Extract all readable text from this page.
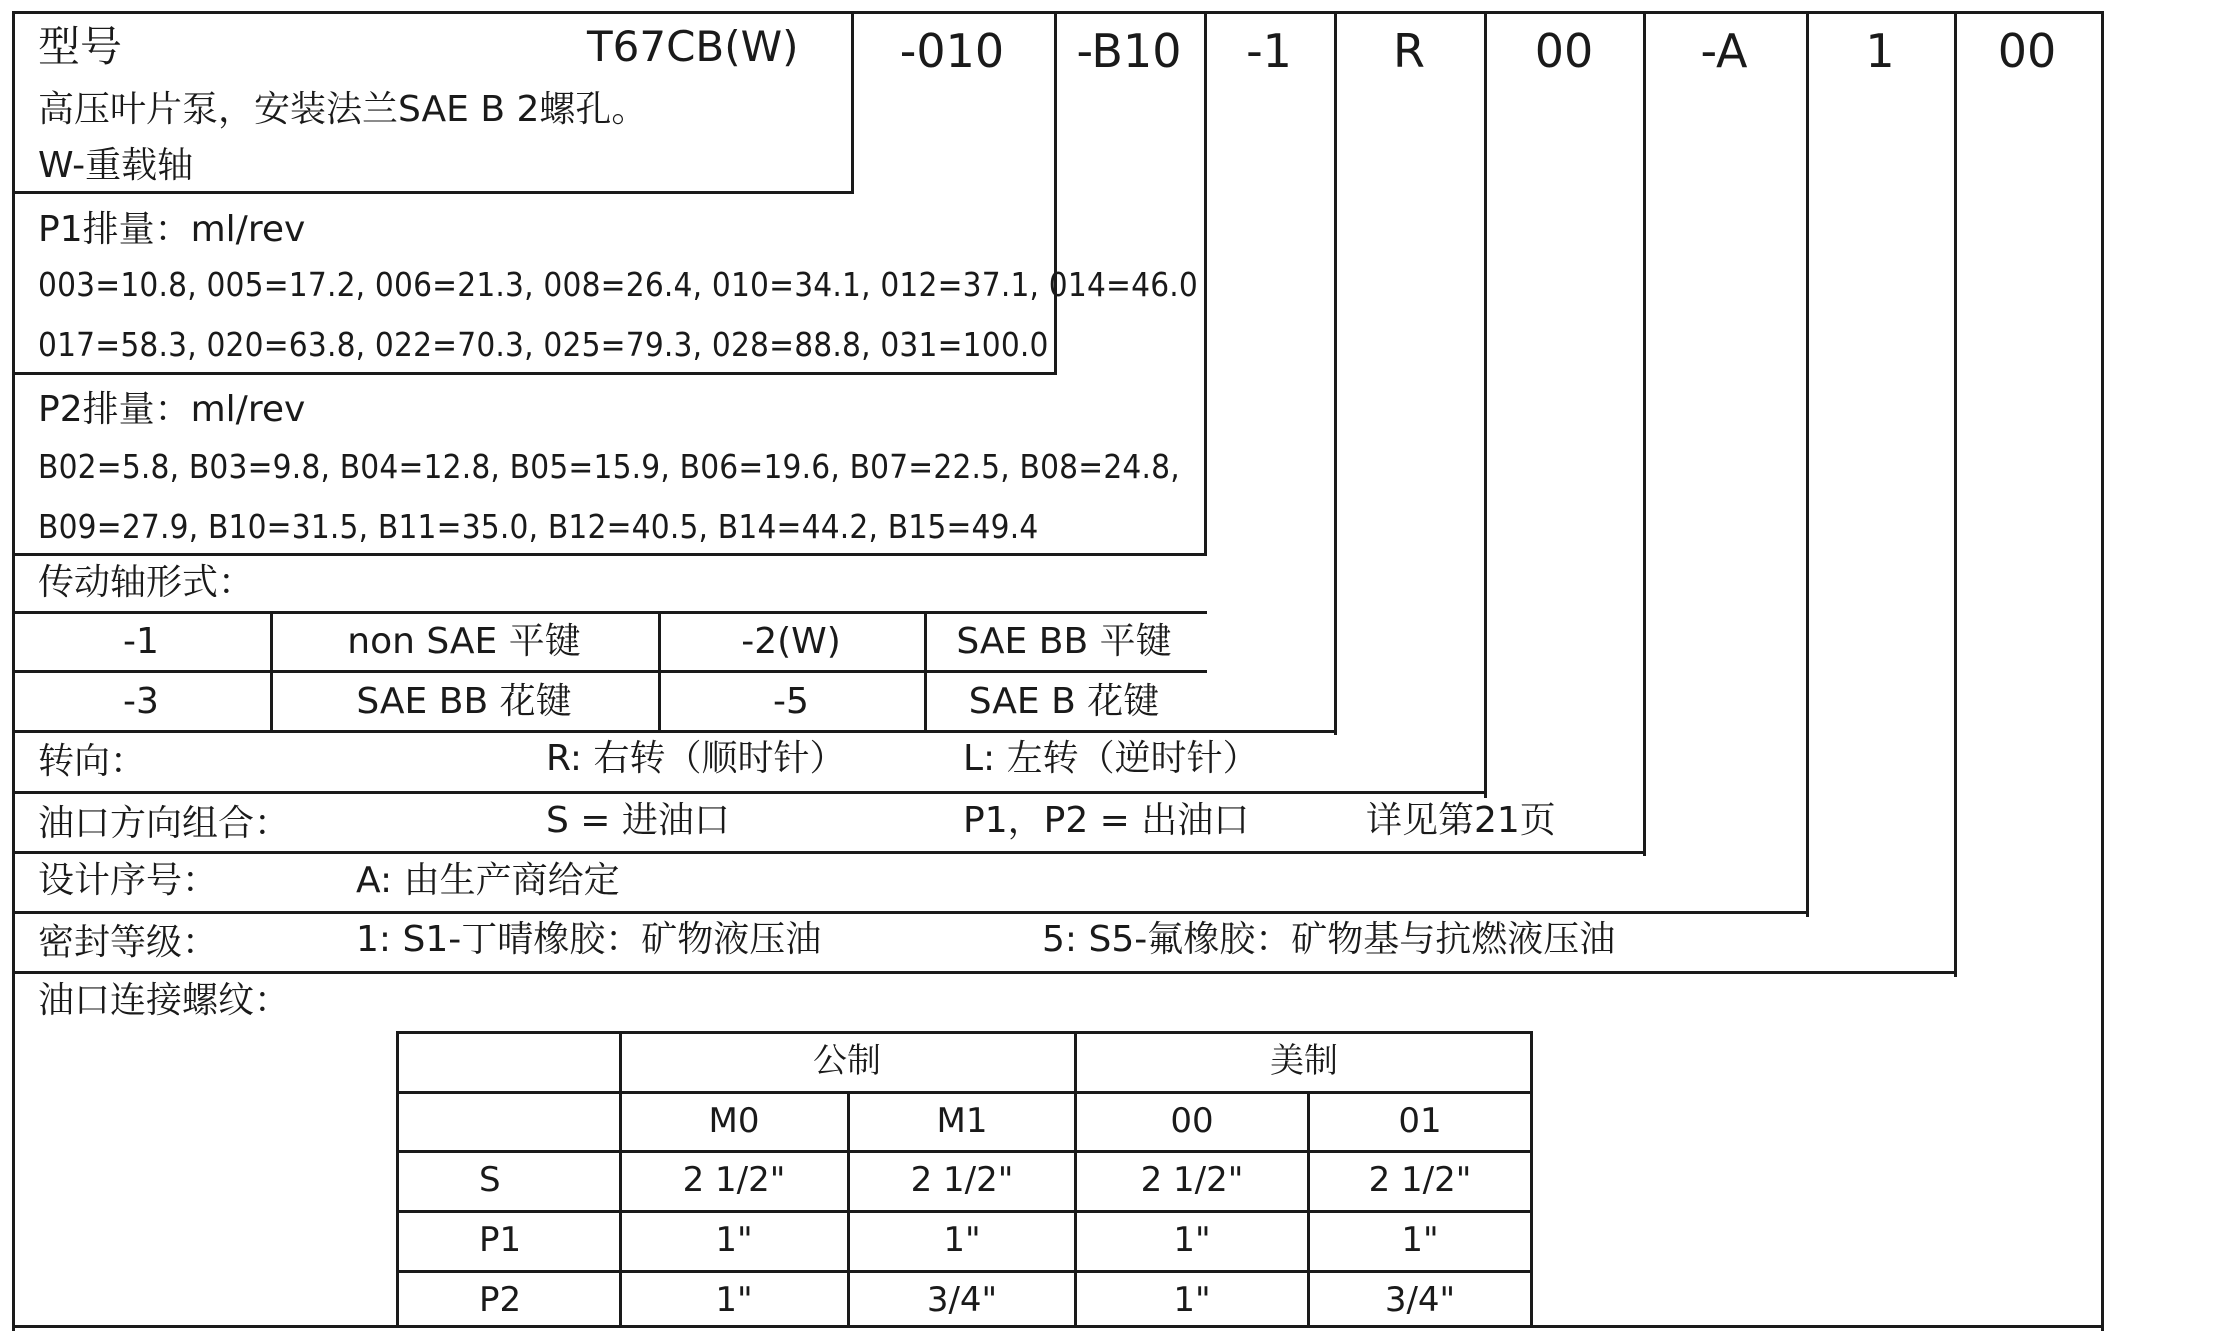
型号	T67CB(W)
高压叶片泵，安装法兰SAE B 2螺孔。
W-重载轴
-010 -B10 -1 R 00 -A	1 00
P1排量：ml/rev
003=10.8, 005=17.2, 006=21.3, 008=26.4, 010=34.1, 012=37.1, 014=46.0
017=58.3, 020=63.8, 022=70.3, 025=79.3, 028=88.8, 031=100.0
P2排量：ml/rev
B02=5.8, B03=9.8, B04=12.8, B05=15.9, B06=19.6, B07=22.5, B08=24.8,
B09=27.9, B10=31.5, B11=35.0, B12=40.5, B14=44.2, B15=49.4
传动轴形式：
-1	non SAE 平键	-2(W)	SAE BB 平键
-3	SAE BB 花键	-5	SAE B 花键
转向：	R: 右转（顺时针）	L: 左转（逆时针）
油口方向组合：	S = 进油口	P1，P2 = 出油口	详见第21页
设计序号：	A: 由生产商给定
密封等级：	1: S1-丁晴橡胶：矿物液压油	5: S5-氟橡胶：矿物基与抗燃液压油
油口连接螺纹：
公制	美制
M0	M1	00	01
S	2 1/2"	2 1/2"	2 1/2"	2 1/2"
P1	1"	1"	1"	1"
P2	1"	3/4"	1"	3/4"
